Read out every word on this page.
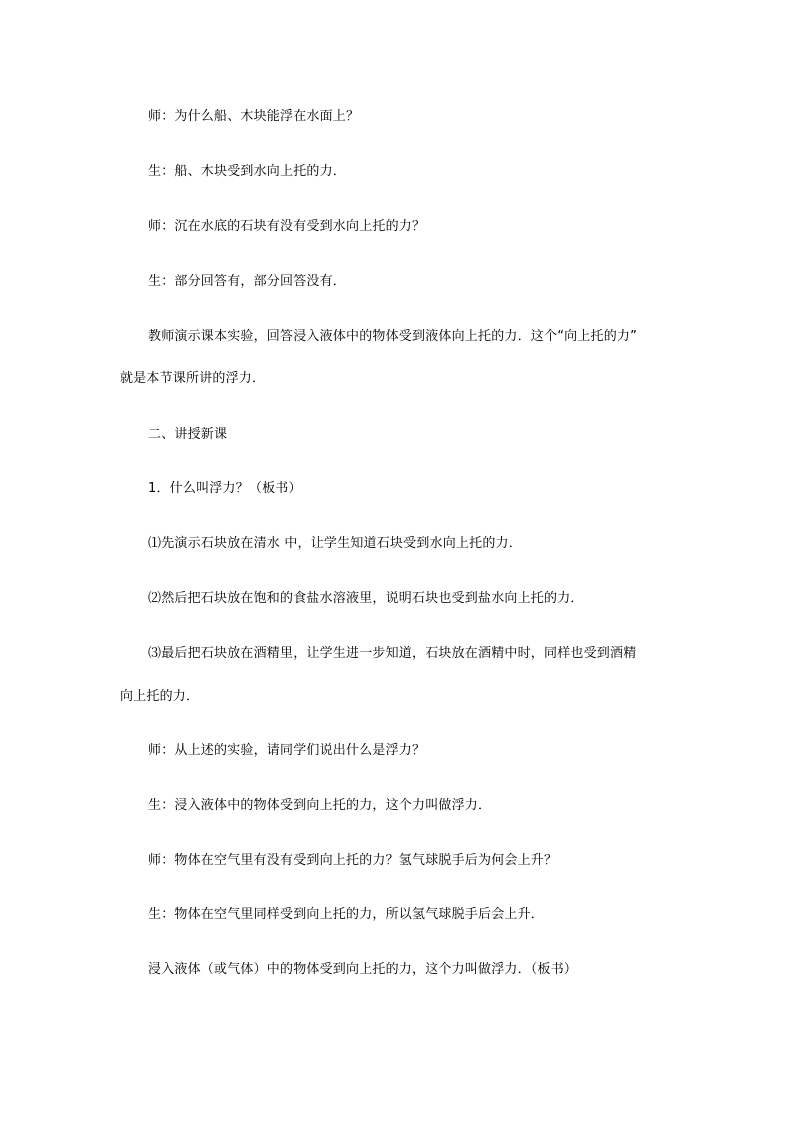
师：为什么船、木块能浮在水面上？
生：船、木块受到水向上托的力．
师：沉在水底的石块有没有受到水向上托的力？
生：部分回答有，部分回答没有．
教师演示课本实验，回答浸入液体中的物体受到液体向上托的力．这个“向上托的力”
就是本节课所讲的浮力．
二、讲授新课
1．什么叫浮力？（板书）
⑴先演示石块放在清水 中，让学生知道石块受到水向上托的力．
⑵然后把石块放在饱和的食盐水溶液里，说明石块也受到盐水向上托的力．
⑶最后把石块放在酒精里，让学生进一步知道，石块放在酒精中时，同样也受到酒精
向上托的力．
师：从上述的实验，请同学们说出什么是浮力？
生：浸入液体中的物体受到向上托的力，这个力叫做浮力．
师：物体在空气里有没有受到向上托的力？氢气球脱手后为何会上升？
生：物体在空气里同样受到向上托的力，所以氢气球脱手后会上升．
浸入液体（或气体）中的物体受到向上托的力，这个力叫做浮力．（板书）
